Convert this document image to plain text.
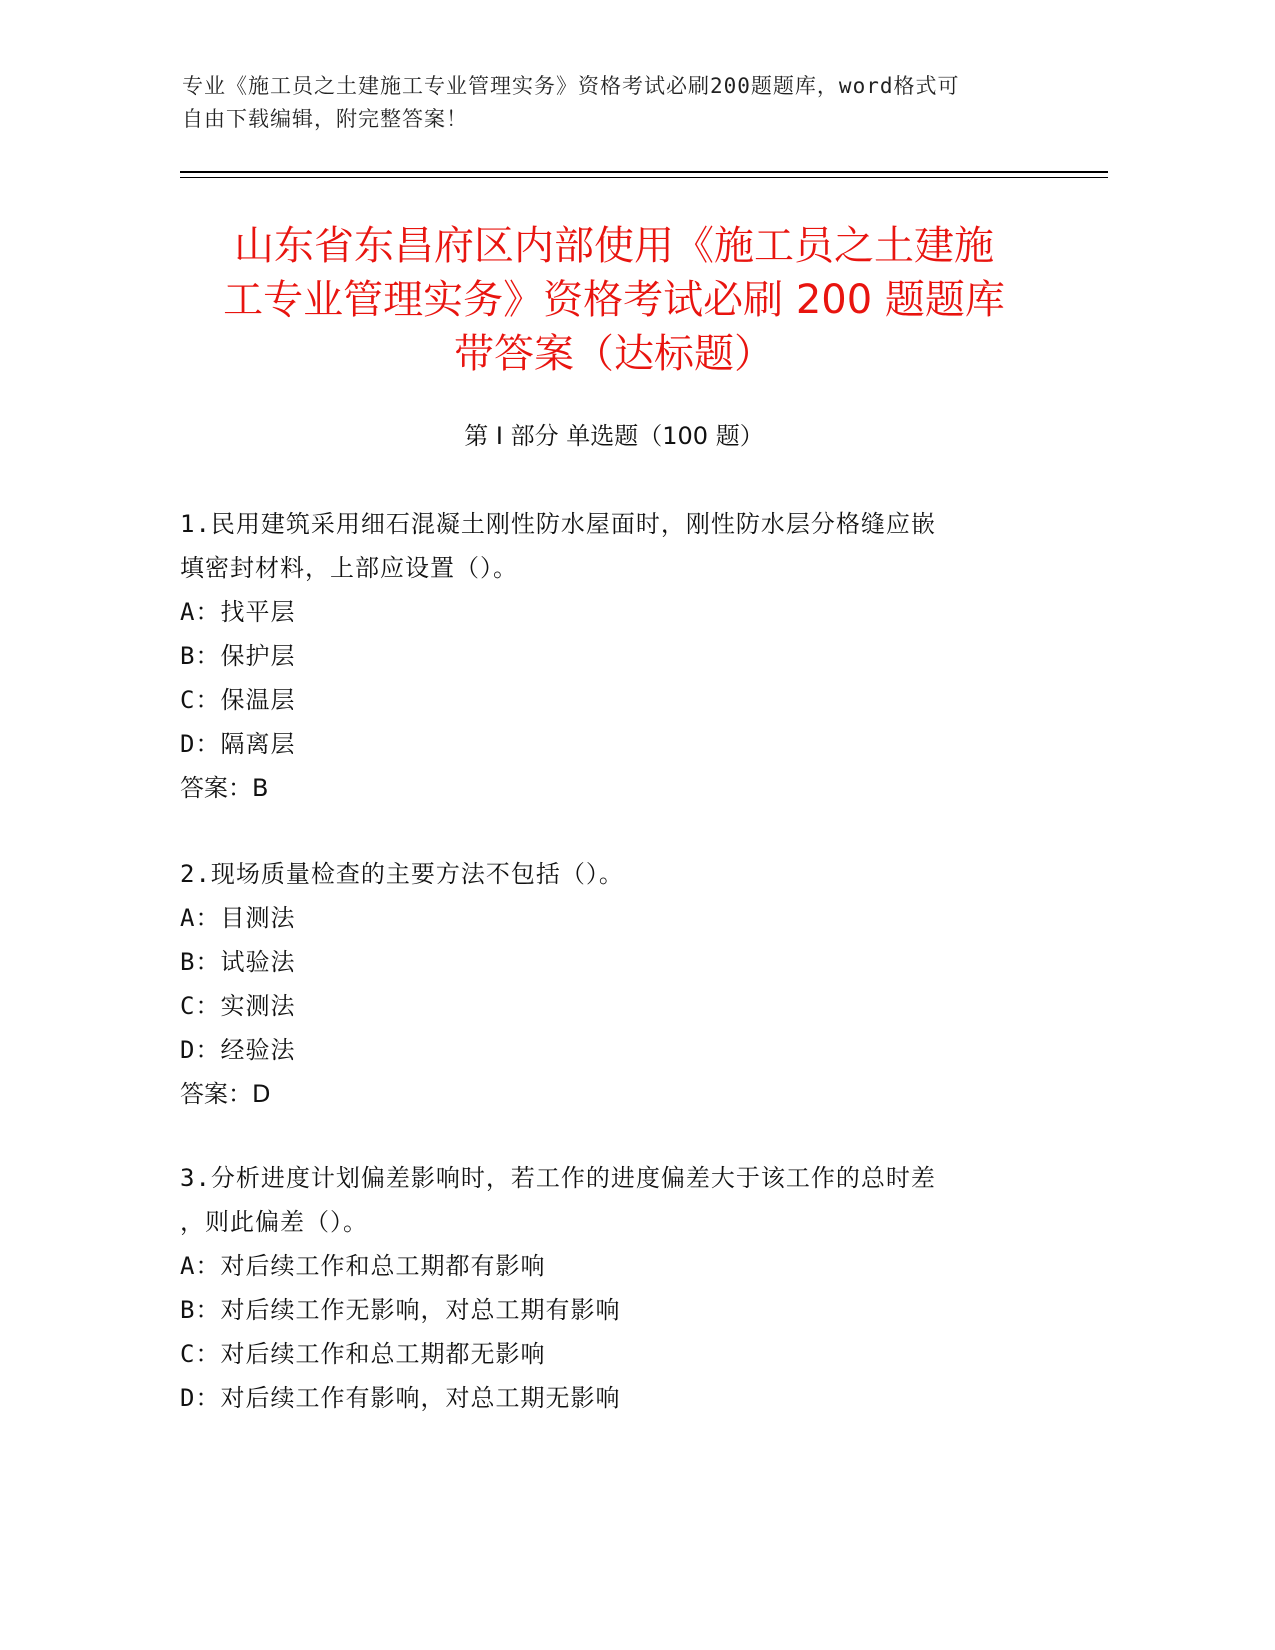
专业《施工员之土建施工专业管理实务》资格考试必刷200题题库，word格式可
自由下载编辑，附完整答案！
山东省东昌府区内部使用《施工员之土建施
工专业管理实务》资格考试必刷 200 题题库
带答案（达标题）
第 I 部分 单选题（100 题）
1.民用建筑采用细石混凝土刚性防水屋面时，刚性防水层分格缝应嵌
填密封材料，上部应设置（）。
A：找平层
B：保护层
C：保温层
D：隔离层
答案：B
2.现场质量检查的主要方法不包括（）。
A：目测法
B：试验法
C：实测法
D：经验法
答案：D
3.分析进度计划偏差影响时，若工作的进度偏差大于该工作的总时差
，则此偏差（）。
A：对后续工作和总工期都有影响
B：对后续工作无影响，对总工期有影响
C：对后续工作和总工期都无影响
D：对后续工作有影响，对总工期无影响
